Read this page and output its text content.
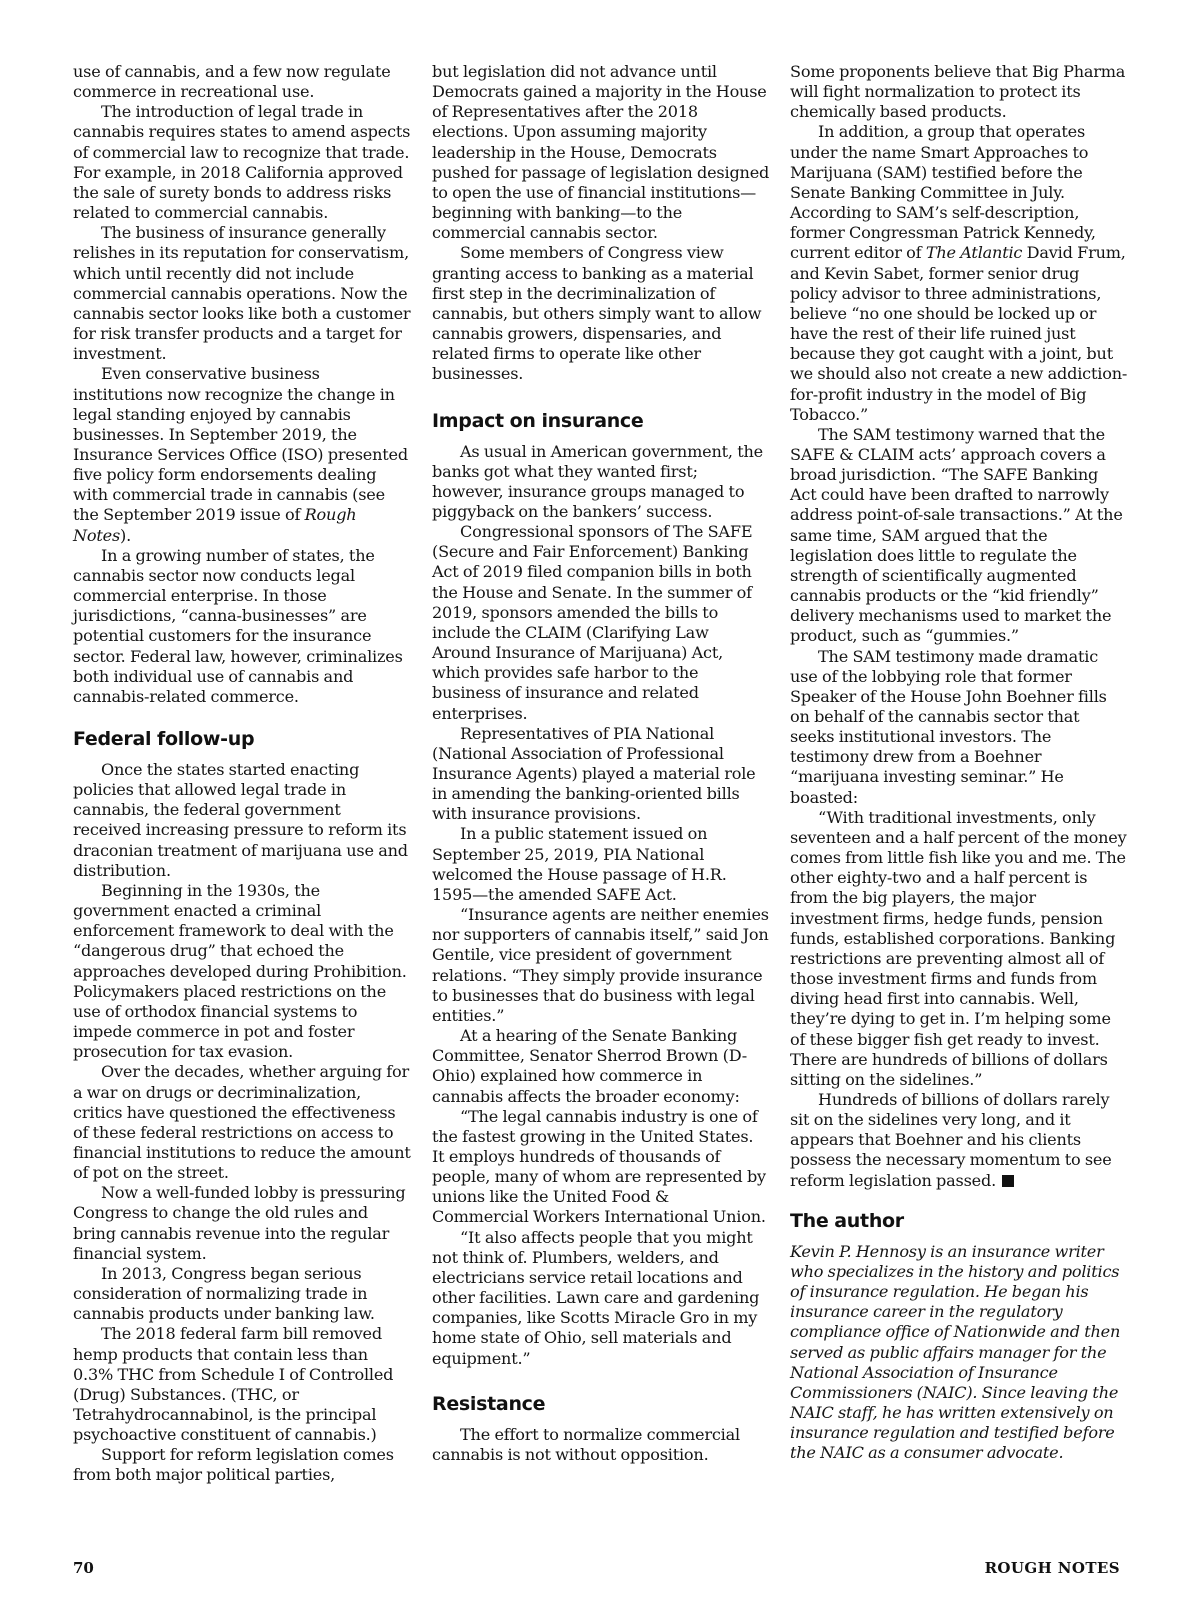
use of cannabis, and a few now regulate commerce in recreational use.

The introduction of legal trade in cannabis requires states to amend aspects of commercial law to recognize that trade. For example, in 2018 California approved the sale of surety bonds to address risks related to commercial cannabis.

The business of insurance generally relishes in its reputation for conservatism, which until recently did not include commercial cannabis operations. Now the cannabis sector looks like both a customer for risk transfer products and a target for investment.

Even conservative business institutions now recognize the change in legal standing enjoyed by cannabis businesses. In September 2019, the Insurance Services Office (ISO) presented five policy form endorsements dealing with commercial trade in cannabis (see the September 2019 issue of Rough Notes).

In a growing number of states, the cannabis sector now conducts legal commercial enterprise. In those jurisdictions, “canna-businesses” are potential customers for the insurance sector. Federal law, however, criminalizes both individual use of cannabis and cannabis-related commerce.

Federal follow-up

Once the states started enacting policies that allowed legal trade in cannabis, the federal government received increasing pressure to reform its draconian treatment of marijuana use and distribution.

Beginning in the 1930s, the government enacted a criminal enforcement framework to deal with the “dangerous drug” that echoed the approaches developed during Prohibition. Policymakers placed restrictions on the use of orthodox financial systems to impede commerce in pot and foster prosecution for tax evasion.

Over the decades, whether arguing for a war on drugs or decriminalization, critics have questioned the effectiveness of these federal restrictions on access to financial institutions to reduce the amount of pot on the street.

Now a well-funded lobby is pressuring Congress to change the old rules and bring cannabis revenue into the regular financial system.

In 2013, Congress began serious consideration of normalizing trade in cannabis products under banking law.

The 2018 federal farm bill removed hemp products that contain less than 0.3% THC from Schedule I of Controlled (Drug) Substances. (THC, or Tetrahydrocannabinol, is the principal psychoactive constituent of cannabis.)

Support for reform legislation comes from both major political parties,

but legislation did not advance until Democrats gained a majority in the House of Representatives after the 2018 elections. Upon assuming majority leadership in the House, Democrats pushed for passage of legislation designed to open the use of financial institutions—beginning with banking—to the commercial cannabis sector.

Some members of Congress view granting access to banking as a material first step in the decriminalization of cannabis, but others simply want to allow cannabis growers, dispensaries, and related firms to operate like other businesses.

Impact on insurance

As usual in American government, the banks got what they wanted first; however, insurance groups managed to piggyback on the bankers’ success.

Congressional sponsors of The SAFE (Secure and Fair Enforcement) Banking Act of 2019 filed companion bills in both the House and Senate. In the summer of 2019, sponsors amended the bills to include the CLAIM (Clarifying Law Around Insurance of Marijuana) Act, which provides safe harbor to the business of insurance and related enterprises.

Representatives of PIA National (National Association of Professional Insurance Agents) played a material role in amending the banking-oriented bills with insurance provisions.

In a public statement issued on September 25, 2019, PIA National welcomed the House passage of H.R. 1595—the amended SAFE Act.

“Insurance agents are neither enemies nor supporters of cannabis itself,” said Jon Gentile, vice president of government relations. “They simply provide insurance to businesses that do business with legal entities.”

At a hearing of the Senate Banking Committee, Senator Sherrod Brown (D-Ohio) explained how commerce in cannabis affects the broader economy:

“The legal cannabis industry is one of the fastest growing in the United States. It employs hundreds of thousands of people, many of whom are represented by unions like the United Food & Commercial Workers International Union.

“It also affects people that you might not think of. Plumbers, welders, and electricians service retail locations and other facilities. Lawn care and gardening companies, like Scotts Miracle Gro in my home state of Ohio, sell materials and equipment.”

Resistance

The effort to normalize commercial cannabis is not without opposition.

Some proponents believe that Big Pharma will fight normalization to protect its chemically based products.

In addition, a group that operates under the name Smart Approaches to Marijuana (SAM) testified before the Senate Banking Committee in July. According to SAM’s self-description, former Congressman Patrick Kennedy, current editor of The Atlantic David Frum, and Kevin Sabet, former senior drug policy advisor to three administrations, believe “no one should be locked up or have the rest of their life ruined just because they got caught with a joint, but we should also not create a new addiction-for-profit industry in the model of Big Tobacco.”

The SAM testimony warned that the SAFE & CLAIM acts’ approach covers a broad jurisdiction. “The SAFE Banking Act could have been drafted to narrowly address point-of-sale transactions.” At the same time, SAM argued that the legislation does little to regulate the strength of scientifically augmented cannabis products or the “kid friendly” delivery mechanisms used to market the product, such as “gummies.”

The SAM testimony made dramatic use of the lobbying role that former Speaker of the House John Boehner fills on behalf of the cannabis sector that seeks institutional investors. The testimony drew from a Boehner “marijuana investing seminar.” He boasted:

“With traditional investments, only seventeen and a half percent of the money comes from little fish like you and me. The other eighty-two and a half percent is from the big players, the major investment firms, hedge funds, pension funds, established corporations. Banking restrictions are preventing almost all of those investment firms and funds from diving head first into cannabis. Well, they’re dying to get in. I’m helping some of these bigger fish get ready to invest. There are hundreds of billions of dollars sitting on the sidelines.”

Hundreds of billions of dollars rarely sit on the sidelines very long, and it appears that Boehner and his clients possess the necessary momentum to see reform legislation passed.

The author

Kevin P. Hennosy is an insurance writer who specializes in the history and politics of insurance regulation. He began his insurance career in the regulatory compliance office of Nationwide and then served as public affairs manager for the National Association of Insurance Commissioners (NAIC). Since leaving the NAIC staff, he has written extensively on insurance regulation and testified before the NAIC as a consumer advocate.

70	ROUGH NOTES
